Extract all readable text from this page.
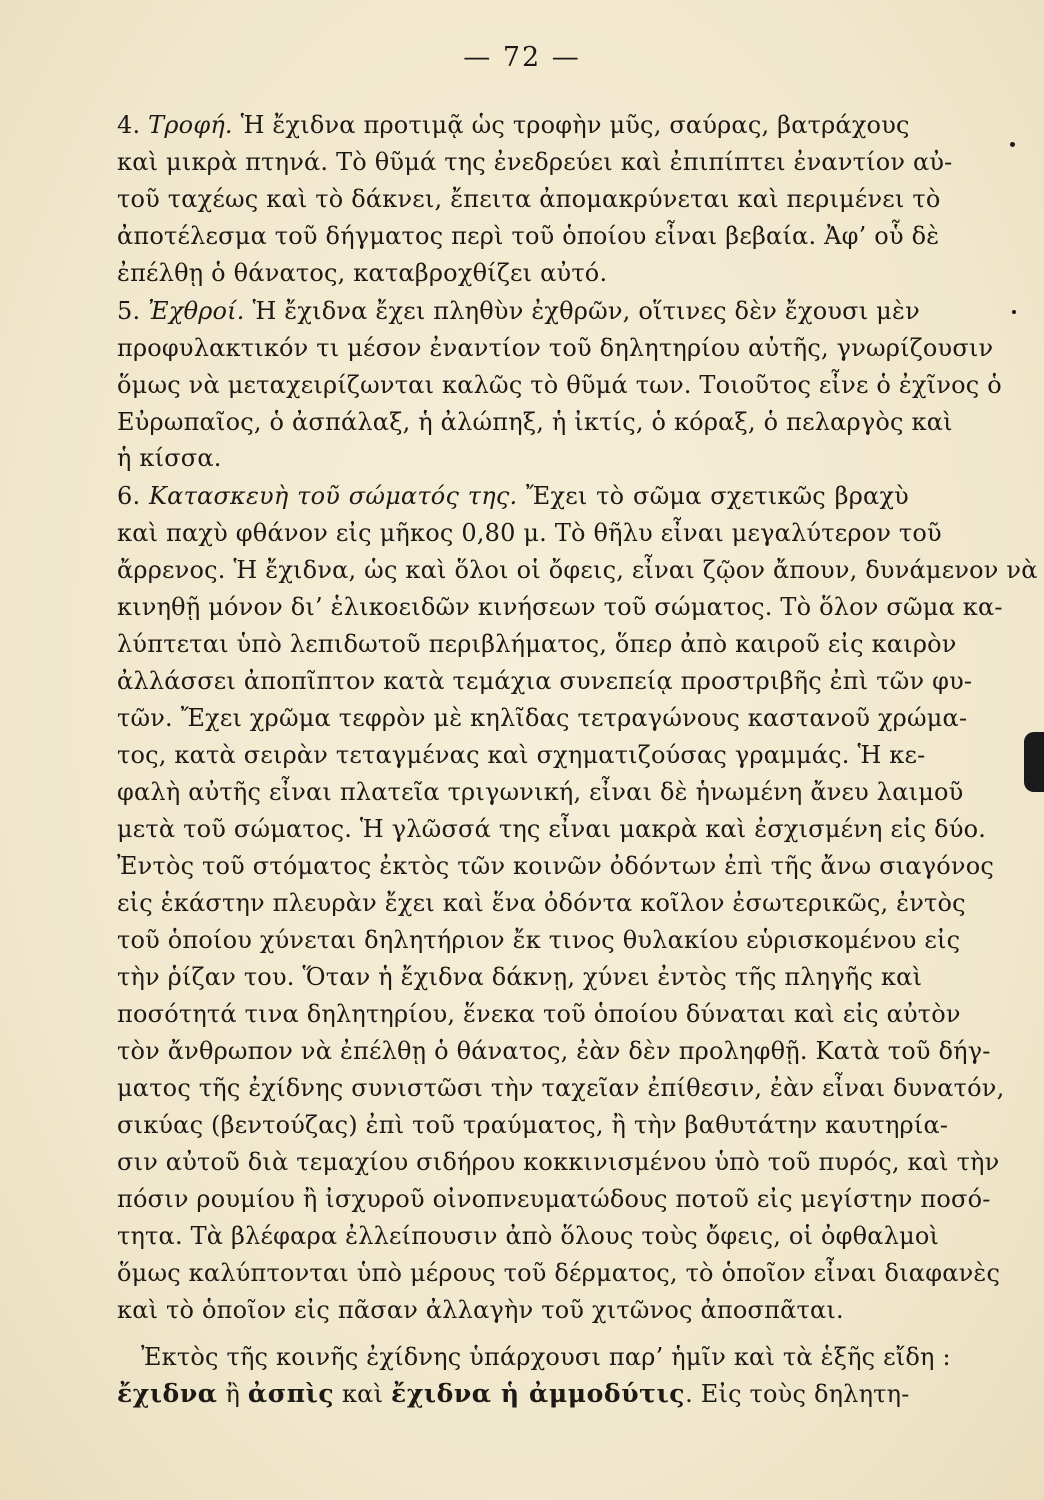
— 72 —
4. Τροφή. Ἡ ἔχιδνα προτιμᾷ ὡς τροφὴν μῦς, σαύρας, βατράχους
καὶ μικρὰ πτηνά. Τὸ θῦμά της ἐνεδρεύει καὶ ἐπιπίπτει ἐναντίον αὐ-
τοῦ ταχέως καὶ τὸ δάκνει, ἔπειτα ἀπομακρύνεται καὶ περιμένει τὸ
ἀποτέλεσμα τοῦ δήγματος περὶ τοῦ ὁποίου εἶναι βεβαία. Ἀφ’ οὗ δὲ
ἐπέλθῃ ὁ θάνατος, καταβροχθίζει αὐτό.
5. Ἐχθροί. Ἡ ἔχιδνα ἔχει πληθὺν ἐχθρῶν, οἵτινες δὲν ἔχουσι μὲν
προφυλακτικόν τι μέσον ἐναντίον τοῦ δηλητηρίου αὐτῆς, γνωρίζουσιν
ὅμως νὰ μεταχειρίζωνται καλῶς τὸ θῦμά των. Τοιοῦτος εἶνε ὁ ἐχῖνος ὁ
Εὐρωπαῖος, ὁ ἀσπάλαξ, ἡ ἀλώπηξ, ἡ ἰκτίς, ὁ κόραξ, ὁ πελαργὸς καὶ
ἡ κίσσα.
6. Κατασκευὴ τοῦ σώματός της. Ἔχει τὸ σῶμα σχετικῶς βραχὺ
καὶ παχὺ φθάνον εἰς μῆκος 0,80 μ. Τὸ θῆλυ εἶναι μεγαλύτερον τοῦ
ἄρρενος. Ἡ ἔχιδνα, ὡς καὶ ὅλοι οἱ ὄφεις, εἶναι ζῷον ἄπουν, δυνάμενον νὰ
κινηθῇ μόνον δι’ ἑλικοειδῶν κινήσεων τοῦ σώματος. Τὸ ὅλον σῶμα κα-
λύπτεται ὑπὸ λεπιδωτοῦ περιβλήματος, ὅπερ ἀπὸ καιροῦ εἰς καιρὸν
ἀλλάσσει ἀποπῖπτον κατὰ τεμάχια συνεπείᾳ προστριβῆς ἐπὶ τῶν φυ-
τῶν. Ἔχει χρῶμα τεφρὸν μὲ κηλῖδας τετραγώνους καστανοῦ χρώμα-
τος, κατὰ σειρὰν τεταγμένας καὶ σχηματιζούσας γραμμάς. Ἡ κε-
φαλὴ αὐτῆς εἶναι πλατεῖα τριγωνική, εἶναι δὲ ἡνωμένη ἄνευ λαιμοῦ
μετὰ τοῦ σώματος. Ἡ γλῶσσά της εἶναι μακρὰ καὶ ἐσχισμένη εἰς δύο.
Ἐντὸς τοῦ στόματος ἐκτὸς τῶν κοινῶν ὀδόντων ἐπὶ τῆς ἄνω σιαγόνος
εἰς ἑκάστην πλευρὰν ἔχει καὶ ἕνα ὀδόντα κοῖλον ἐσωτερικῶς, ἐντὸς
τοῦ ὁποίου χύνεται δηλητήριον ἔκ τινος θυλακίου εὑρισκομένου εἰς
τὴν ῥίζαν του. Ὅταν ἡ ἔχιδνα δάκνῃ, χύνει ἐντὸς τῆς πληγῆς καὶ
ποσότητά τινα δηλητηρίου, ἕνεκα τοῦ ὁποίου δύναται καὶ εἰς αὐτὸν
τὸν ἄνθρωπον νὰ ἐπέλθῃ ὁ θάνατος, ἐὰν δὲν προληφθῇ. Κατὰ τοῦ δήγ-
ματος τῆς ἐχίδνης συνιστῶσι τὴν ταχεῖαν ἐπίθεσιν, ἐὰν εἶναι δυνατόν,
σικύας (βεντούζας) ἐπὶ τοῦ τραύματος, ἢ τὴν βαθυτάτην καυτηρία-
σιν αὐτοῦ διὰ τεμαχίου σιδήρου κοκκινισμένου ὑπὸ τοῦ πυρός, καὶ τὴν
πόσιν ρουμίου ἢ ἰσχυροῦ οἰνοπνευματώδους ποτοῦ εἰς μεγίστην ποσό-
τητα. Τὰ βλέφαρα ἐλλείπουσιν ἀπὸ ὅλους τοὺς ὄφεις, οἱ ὀφθαλμοὶ
ὅμως καλύπτονται ὑπὸ μέρους τοῦ δέρματος, τὸ ὁποῖον εἶναι διαφανὲς
καὶ τὸ ὁποῖον εἰς πᾶσαν ἀλλαγὴν τοῦ χιτῶνος ἀποσπᾶται.
Ἐκτὸς τῆς κοινῆς ἐχίδνης ὑπάρχουσι παρ’ ἡμῖν καὶ τὰ ἑξῆς εἴδη :
ἔχιδνα ἢ ἀσπὶς καὶ ἔχιδνα ἡ ἀμμοδύτις. Εἰς τοὺς δηλητη-
